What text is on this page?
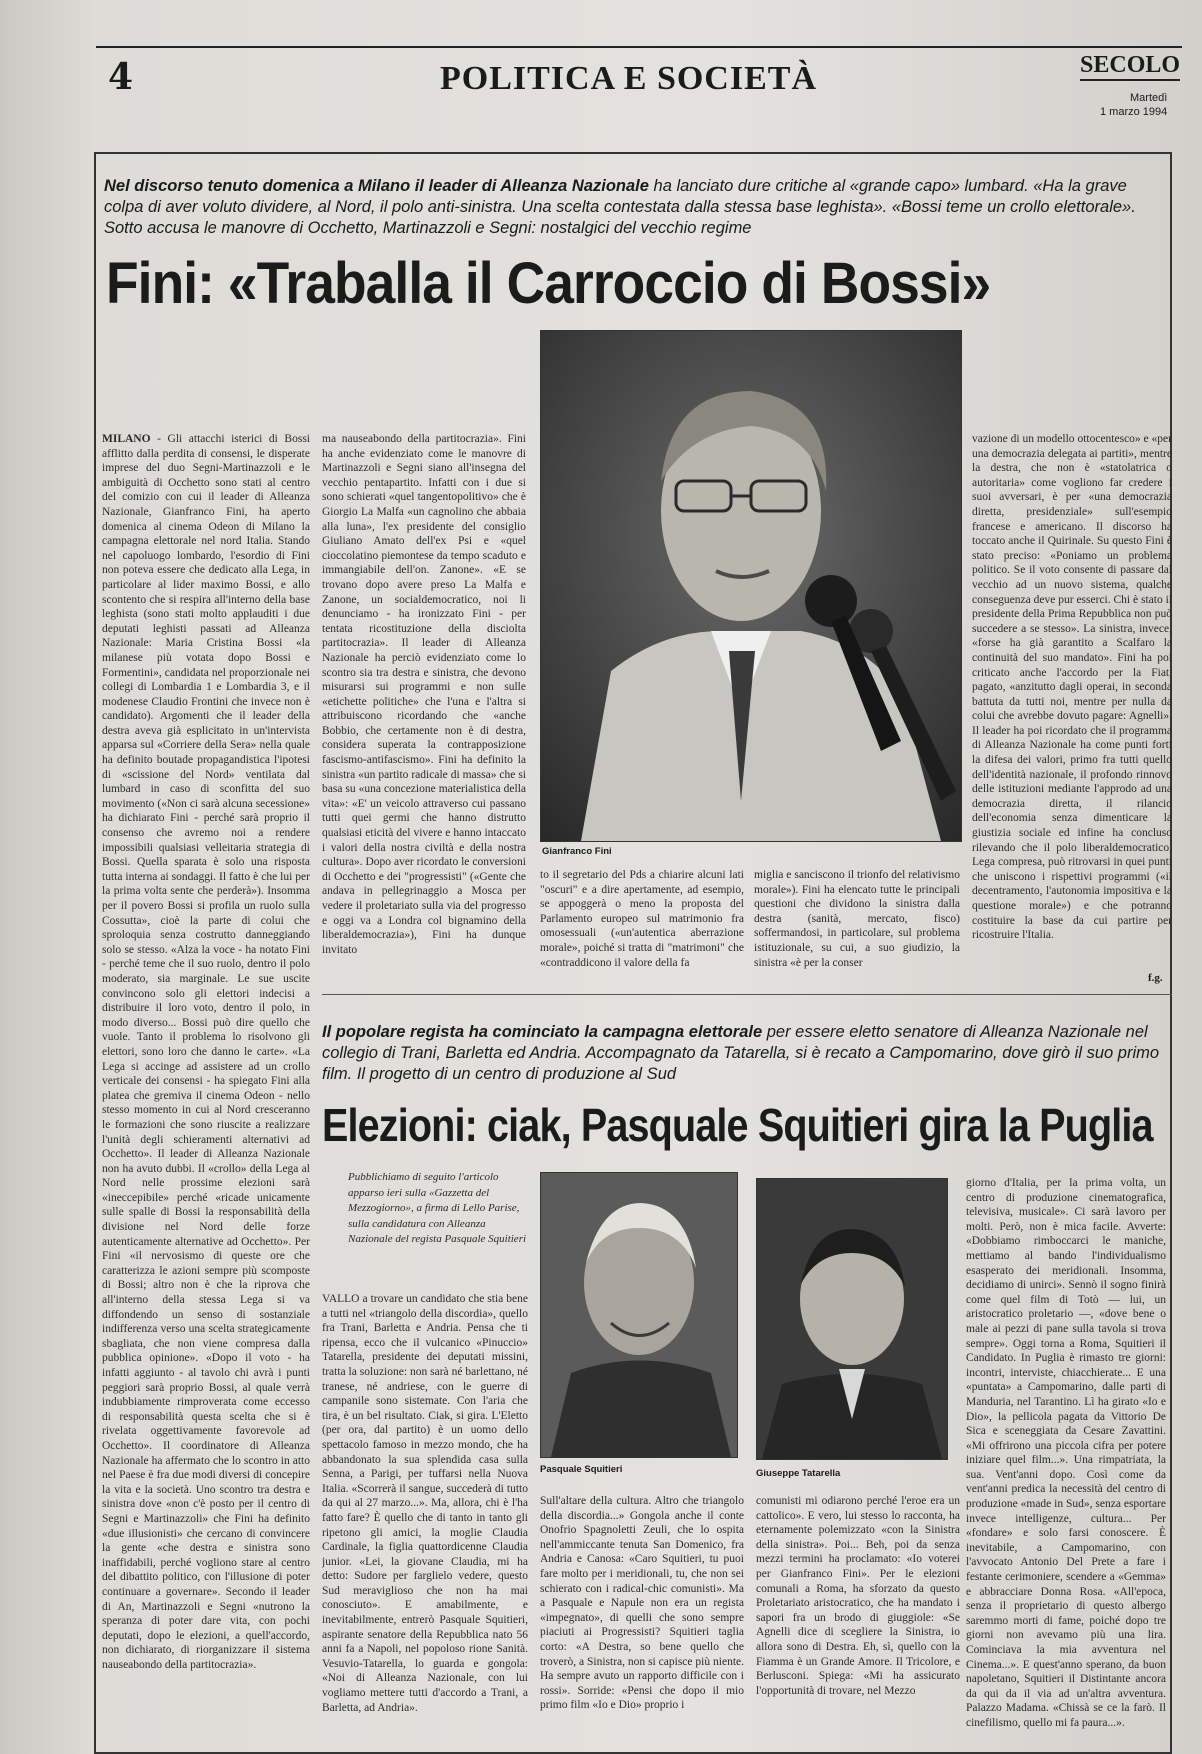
4	POLITICA E SOCIETÀ	SECOLO
Martedì
1 marzo 1994
Nel discorso tenuto domenica a Milano il leader di Alleanza Nazionale ha lanciato dure critiche al «grande capo» lumbard. «Ha la grave colpa di aver voluto dividere, al Nord, il polo anti-sinistra. Una scelta contestata dalla stessa base leghista». «Bossi teme un crollo elettorale». Sotto accusa le manovre di Occhetto, Martinazzoli e Segni: nostalgici del vecchio regime
Fini: «Traballa il Carroccio di Bossi»

MILANO - Gli attacchi isterici di Bossi afflitto dalla perdita di consensi, le disperate imprese del duo Segni-Martinazzoli e le ambiguità di Occhetto sono stati al centro del comizio con cui il leader di Alleanza Nazionale, Gianfranco Fini, ha aperto domenica al cinema Odeon di Milano la campagna elettorale nel nord Italia. Stando nel capoluogo lombardo, l'esordio di Fini non poteva essere che dedicato alla Lega, in particolare al lider maximo Bossi, e allo scontento che si respira all'interno della base leghista (sono stati molto applauditi i due deputati leghisti passati ad Alleanza Nazionale: Maria Cristina Bossi «la milanese più votata dopo Bossi e Formentini», candidata nel proporzionale nei collegi di Lombardia 1 e Lombardia 3, e il modenese Claudio Frontini che invece non è candidato). Argomenti che il leader della destra aveva già esplicitato in un'intervista apparsa sul «Corriere della Sera» nella quale ha definito boutade propagandistica l'ipotesi di «scissione del Nord» ventilata dal lumbard in caso di sconfitta del suo movimento («Non ci sarà alcuna secessione» ha dichiarato Fini - perché sarà proprio il consenso che avremo noi a rendere impossibili qualsiasi velleitaria strategia di Bossi. Quella sparata è solo una risposta tutta interna ai sondaggi. Il fatto è che lui per la prima volta sente che perderà»). Insomma per il povero Bossi si profila un ruolo sulla Cossutta», cioè la parte di colui che sproloquia senza costrutto danneggiando solo se stesso. «Alza la voce - ha notato Fini - perché teme che il suo ruolo, dentro il polo moderato, sia marginale. Le sue uscite convincono solo gli elettori indecisi a distribuire il loro voto, dentro il polo, in modo diverso... Bossi può dire quello che vuole. Tanto il problema lo risolvono gli elettori, sono loro che danno le carte». «La Lega si accinge ad assistere ad un crollo verticale dei consensi - ha spiegato Fini alla platea che gremiva il cinema Odeon - nello stesso momento in cui al Nord cresceranno le formazioni che sono riuscite a realizzare l'unità degli schieramenti alternativi ad Occhetto». Il leader di Alleanza Nazionale non ha avuto dubbi. Il «crollo» della Lega al Nord nelle prossime elezioni sarà «ineccepibile» perché «ricade unicamente sulle spalle di Bossi la responsabilità della divisione nel Nord delle forze autenticamente alternative ad Occhetto». Per Fini «il nervosismo di queste ore che caratterizza le azioni sempre più scomposte di Bossi; altro non è che la riprova che all'interno della stessa Lega si va diffondendo un senso di sostanziale indifferenza verso una scelta strategicamente sbagliata, che non viene compresa dalla pubblica opinione». «Dopo il voto - ha infatti aggiunto - al tavolo chi avrà i punti peggiori sarà proprio Bossi, al quale verrà indubbiamente rimproverata come eccesso di responsabilità questa scelta che si è rivelata oggettivamente favorevole ad Occhetto». Il coordinatore di Alleanza Nazionale ha affermato che lo scontro in atto nel Paese è fra due modi diversi di concepire la vita e la società. Uno scontro tra destra e sinistra dove «non c'è posto per il centro di Segni e Martinazzoli» che Fini ha definito «due illusionisti» che cercano di convincere la gente «che destra e sinistra sono inaffidabili, perché vogliono stare al centro del dibattito politico, con l'illusione di poter continuare a governare». Secondo il leader di An, Martinazzoli e Segni «nutrono la speranza di poter dare vita, con pochi deputati, dopo le elezioni, a quell'accordo, non dichiarato, di riorganizzare il sistema nauseabondo della partitocrazia».

ma nauseabondo della partitocrazia». Fini ha anche evidenziato come le manovre di Martinazzoli e Segni siano all'insegna del vecchio pentapartito. Infatti con i due si sono schierati «quel tangentopolitivo» che è Giorgio La Malfa «un cagnolino che abbaia alla luna», l'ex presidente del consiglio Giuliano Amato dell'ex Psi e «quel cioccolatino piemontese da tempo scaduto e immangiabile dell'on. Zanone». «E se trovano dopo avere preso La Malfa e Zanone, un socialdemocratico, noi li denunciamo - ha ironizzato Fini - per tentata ricostituzione della disciolta partitocrazia». Il leader di Alleanza Nazionale ha perciò evidenziato come lo scontro sia tra destra e sinistra, che devono misurarsi sui programmi e non sulle «etichette politiche» che l'una e l'altra si attribuiscono ricordando che «anche Bobbio, che certamente non è di destra, considera superata la contrapposizione fascismo-antifascismo». Fini ha definito la sinistra «un partito radicale di massa» che si basa su «una concezione materialistica della vita»: «E' un veicolo attraverso cui passano tutti quei germi che hanno distrutto qualsiasi eticità del vivere e hanno intaccato i valori della nostra civiltà e della nostra cultura». Dopo aver ricordato le conversioni di Occhetto e dei "progressisti" («Gente che andava in pellegrinaggio a Mosca per vedere il proletariato sulla via del progresso e oggi va a Londra col bignamino della liberaldemocrazia»), Fini ha dunque invitato

Gianfranco Fini

to il segretario del Pds a chiarire alcuni lati "oscuri" e a dire apertamente, ad esempio, se appoggerà o meno la proposta del Parlamento europeo sul matrimonio fra omosessuali («un'autentica aberrazione morale», poiché si tratta di "matrimoni" che «contraddicono il valore della fa

miglia e sanciscono il trionfo del relativismo morale»). Fini ha elencato tutte le principali questioni che dividono la sinistra dalla destra (sanità, mercato, fisco) soffermandosi, in particolare, sul problema istituzionale, su cui, a suo giudizio, la sinistra «è per la conser

vazione di un modello ottocentesco» e «per una democrazia delegata ai partiti», mentre la destra, che non è «statolatrica o autoritaria» come vogliono far credere i suoi avversari, è per «una democrazia diretta, presidenziale» sull'esempio francese e americano. Il discorso ha toccato anche il Quirinale. Su questo Fini è stato preciso: «Poniamo un problema politico. Se il voto consente di passare dal vecchio ad un nuovo sistema, qualche conseguenza deve pur esserci. Chi è stato il presidente della Prima Repubblica non può succedere a se stesso». La sinistra, invece, «forse ha già garantito a Scalfaro la continuità del suo mandato». Fini ha poi criticato anche l'accordo per la Fiat, pagato, «anzitutto dagli operai, in seconda battuta da tutti noi, mentre per nulla da colui che avrebbe dovuto pagare: Agnelli». Il leader ha poi ricordato che il programma di Alleanza Nazionale ha come punti forti la difesa dei valori, primo fra tutti quello dell'identità nazionale, il profondo rinnovo delle istituzioni mediante l'approdo ad una democrazia diretta, il rilancio dell'economia senza dimenticare la giustizia sociale ed infine ha concluso rilevando che il polo liberaldemocratico, Lega compresa, può ritrovarsi in quei punti che uniscono i rispettivi programmi («il decentramento, l'autonomia impositiva e la questione morale») e che potranno costituire la base da cui partire per ricostruire l'Italia.

f.g.
Il popolare regista ha cominciato la campagna elettorale per essere eletto senatore di Alleanza Nazionale nel collegio di Trani, Barletta ed Andria. Accompagnato da Tatarella, si è recato a Campomarino, dove girò il suo primo film. Il progetto di un centro di produzione al Sud
Elezioni: ciak, Pasquale Squitieri gira la Puglia
Pubblichiamo di seguito l'articolo apparso ieri sulla «Gazzetta del Mezzogiorno», a firma di Lello Parise, sulla candidatura con Alleanza Nazionale del regista Pasquale Squitieri
Pasquale Squitieri	Giuseppe Tatarella

VALLO a trovare un candidato che stia bene a tutti nel «triangolo della discordia», quello fra Trani, Barletta e Andria. Pensa che ti ripensa, ecco che il vulcanico «Pinuccio» Tatarella, presidente dei deputati missini, tratta la soluzione: non sarà né barlettano, né tranese, né andriese, con le guerre di campanile sono sistemate. Con l'aria che tira, è un bel risultato. Ciak, si gira. L'Eletto (per ora, dal partito) è un uomo dello spettacolo famoso in mezzo mondo, che ha abbandonato la sua splendida casa sulla Senna, a Parigi, per tuffarsi nella Nuova Italia. «Scorrerà il sangue, succederà di tutto da qui al 27 marzo...». Ma, allora, chi è l'ha fatto fare? È quello che di tanto in tanto gli ripetono gli amici, la moglie Claudia Cardinale, la figlia quattordicenne Claudia junior. «Lei, la giovane Claudia, mi ha detto: Sudore per farglielo vedere, questo Sud meraviglioso che non ha mai conosciuto». E amabilmente, e inevitabilmente, entrerò Pasquale Squitieri, aspirante senatore della Repubblica nato 56 anni fa a Napoli, nel popoloso rione Sanità. Vesuvio-Tatarella, lo guarda e gongola: «Noi di Alleanza Nazionale, con lui vogliamo mettere tutti d'accordo a Trani, a Barletta, ad Andria».

Sull'altare della cultura. Altro che triangolo della discordia...» Gongola anche il conte Onofrio Spagnoletti Zeuli, che lo ospita nell'ammiccante tenuta San Domenico, fra Andria e Canosa: «Caro Squitieri, tu puoi fare molto per i meridionali, tu, che non sei schierato con i radical-chic comunisti». Ma a Pasquale e Napule non era un regista «impegnato», di quelli che sono sempre piaciuti ai Progressisti? Squitieri taglia corto: «A Destra, so bene quello che troverò, a Sinistra, non si capisce più niente. Ha sempre avuto un rapporto difficile con i rossi». Sorride: «Pensi che dopo il mio primo film «Io e Dio» proprio i

comunisti mi odiarono perché l'eroe era un cattolico». E vero, lui stesso lo racconta, ha eternamente polemizzato «con la Sinistra della sinistra». Poi... Beh, poi da senza mezzi termini ha proclamato: «Io voterei per Gianfranco Fini». Per le elezioni comunali a Roma, ha sforzato da questo Proletariato aristocratico, che ha mandato i sapori fra un brodo di giuggiole: «Se Agnelli dice di scegliere la Sinistra, io allora sono di Destra. Eh, sì, quello con la Fiamma è un Grande Amore. Il Tricolore, e Berlusconi. Spiega: «Mi ha assicurato l'opportunità di trovare, nel Mezzo

giorno d'Italia, per la prima volta, un centro di produzione cinematografica, televisiva, musicale». Ci sarà lavoro per molti. Però, non è mica facile. Avverte: «Dobbiamo rimboccarci le maniche, mettiamo al bando l'individualismo esasperato dei meridionali. Insomma, decidiamo di unirci». Sennò il sogno finirà come quel film di Totò — lui, un aristocratico proletario —, «dove bene o male ai pezzi di pane sulla tavola si trova sempre». Oggi torna a Roma, Squitieri il Candidato. In Puglia è rimasto tre giorni: incontri, interviste, chiacchierate... E una «puntata» a Campomarino, dalle parti di Manduria, nel Tarantino. Lì ha girato «Io e Dio», la pellicola pagata da Vittorio De Sica e sceneggiata da Cesare Zavattini. «Mi offrirono una piccola cifra per potere iniziare quel film...». Una rimpatriata, la sua. Vent'anni dopo. Così come da vent'anni predica la necessità del centro di produzione «made in Sud», senza esportare invece intelligenze, cultura... Per «fondare» e solo farsi conoscere. È inevitabile, a Campomarino, con l'avvocato Antonio Del Prete a fare i festante cerimoniere, scendere a «Gemma» e abbracciare Donna Rosa. «All'epoca, senza il proprietario di questo albergo saremmo morti di fame, poiché dopo tre giorni non avevamo più una lira. Cominciava la mia avventura nel Cinema...». E quest'anno sperano, da buon napoletano, Squitieri il Distintante ancora da qui da il via ad un'altra avventura. Palazzo Madama. «Chissà se ce la farò. Il cinefilismo, quello mi fa paura...».
